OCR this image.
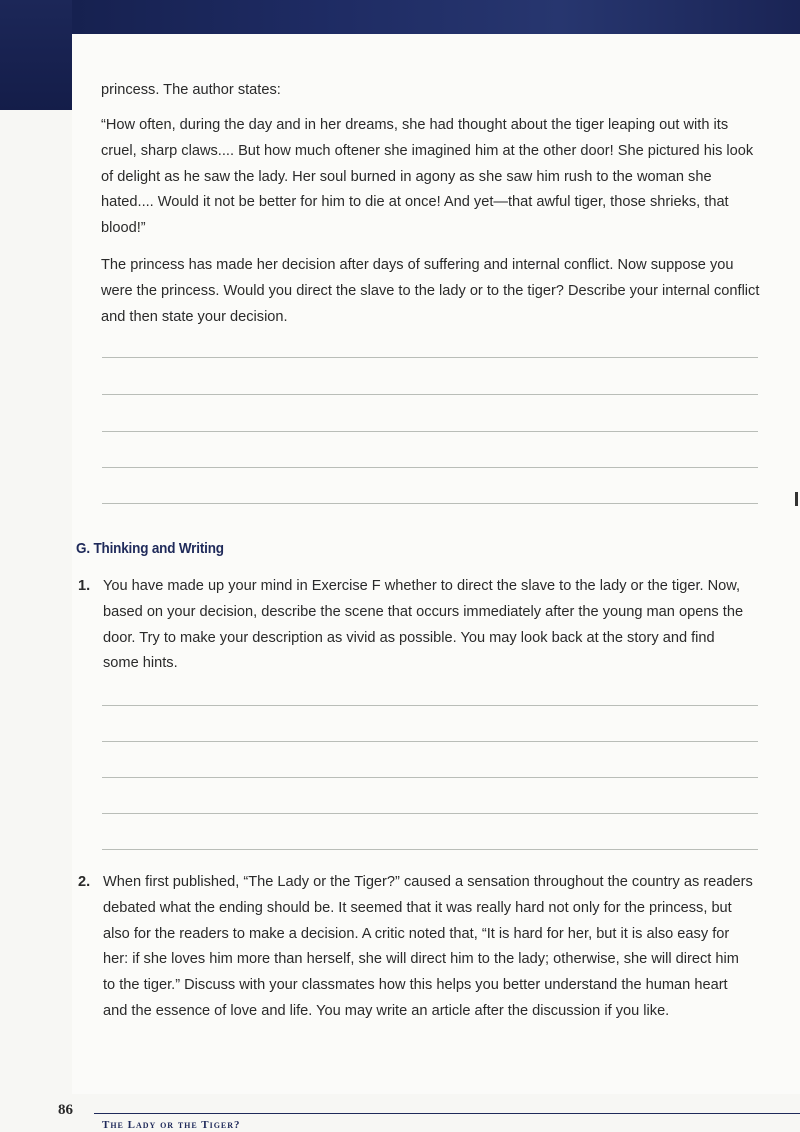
princess. The author states:

“How often, during the day and in her dreams, she had thought about the tiger leaping out with its cruel, sharp claws.... But how much oftener she imagined him at the other door! She pictured his look of delight as he saw the lady. Her soul burned in agony as she saw him rush to the woman she hated.... Would it not be better for him to die at once! And yet—that awful tiger, those shrieks, that blood!”

The princess has made her decision after days of suffering and internal conflict. Now suppose you were the princess. Would you direct the slave to the lady or to the tiger? Describe your internal conflict and then state your decision.

G. Thinking and Writing
1. You have made up your mind in Exercise F whether to direct the slave to the lady or the tiger. Now, based on your decision, describe the scene that occurs immediately after the young man opens the door. Try to make your description as vivid as possible. You may look back at the story and find some hints.

2. When first published, “The Lady or the Tiger?” caused a sensation throughout the country as readers debated what the ending should be. It seemed that it was really hard not only for the princess, but also for the readers to make a decision. A critic noted that, “It is hard for her, but it is also easy for her: if she loves him more than herself, she will direct him to the lady; otherwise, she will direct him to the tiger.” Discuss with your classmates how this helps you better understand the human heart and the essence of love and life. You may write an article after the discussion if you like.

86
The Lady or the Tiger?
